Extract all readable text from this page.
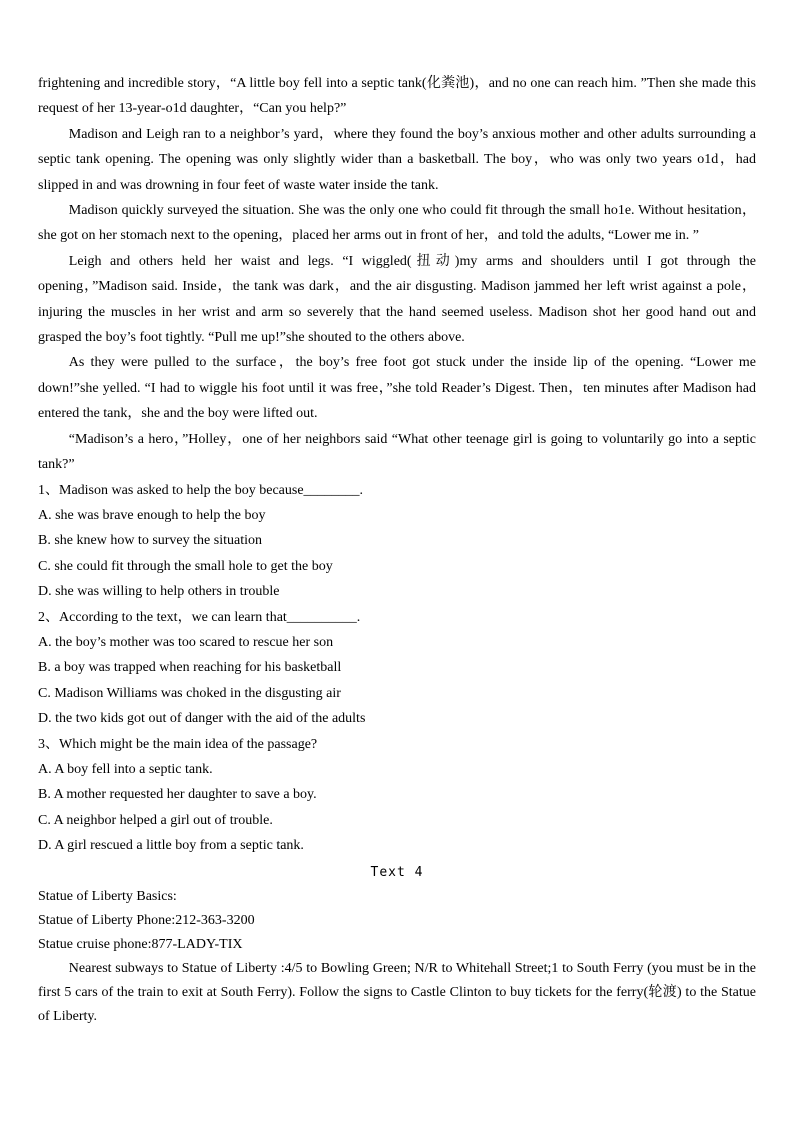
frightening and incredible story，“A little boy fell into a septic tank(化粪池)，and no one can reach him. ”Then she made this request of her 13-year-o1d daughter，“Can you help?”

Madison and Leigh ran to a neighbor’s yard，where they found the boy’s anxious mother and other adults surrounding a septic tank opening. The opening was only slightly wider than a basketball. The boy，who was only two years o1d，had slipped in and was drowning in four feet of waste water inside the tank.

Madison quickly surveyed the situation. She was the only one who could fit through the small ho1e. Without hesitation，she got on her stomach next to the opening，placed her arms out in front of her，and told the adults, “Lower me in. ”

Leigh and others held her waist and legs. “I wiggled(扭动)my arms and shoulders until I got through the opening，”Madison said. Inside，the tank was dark，and the air disgusting. Madison jammed her left wrist against a pole，injuring the muscles in her wrist and arm so severely that the hand seemed useless. Madison shot her good hand out and grasped the boy’s foot tightly. “Pull me up!”she shouted to the others above.

As they were pulled to the surface，the boy’s free foot got stuck under the inside lip of the opening. “Lower me down!”she yelled. “I had to wiggle his foot until it was free，”she told Reader’s Digest. Then，ten minutes after Madison had entered the tank，she and the boy were lifted out.

“Madison’s a hero，”Holley，one of her neighbors said “What other teenage girl is going to voluntarily go into a septic tank?”

1、Madison was asked to help the boy because________.

A. she was brave enough to help the boy

B. she knew how to survey the situation

C. she could fit through the small hole to get the boy

D. she was willing to help others in trouble

2、According to the text，we can learn that__________.

A. the boy’s mother was too scared to rescue her son

B. a boy was trapped when reaching for his basketball

C. Madison Williams was choked in the disgusting air

D. the two kids got out of danger with the aid of the adults

3、Which might be the main idea of the passage?

A. A boy fell into a septic tank.

B. A mother requested her daughter to save a boy.

C. A neighbor helped a girl out of trouble.

D. A girl rescued a little boy from a septic tank.

Text 4

Statue of Liberty Basics:

Statue of Liberty Phone:212-363-3200

Statue cruise phone:877-LADY-TIX

Nearest subways to Statue of Liberty :4/5 to Bowling Green; N/R to Whitehall Street;1 to South Ferry (you must be in the first 5 cars of the train to exit at South Ferry). Follow the signs to Castle Clinton to buy tickets for the ferry(轮渡) to the Statue of Liberty.
